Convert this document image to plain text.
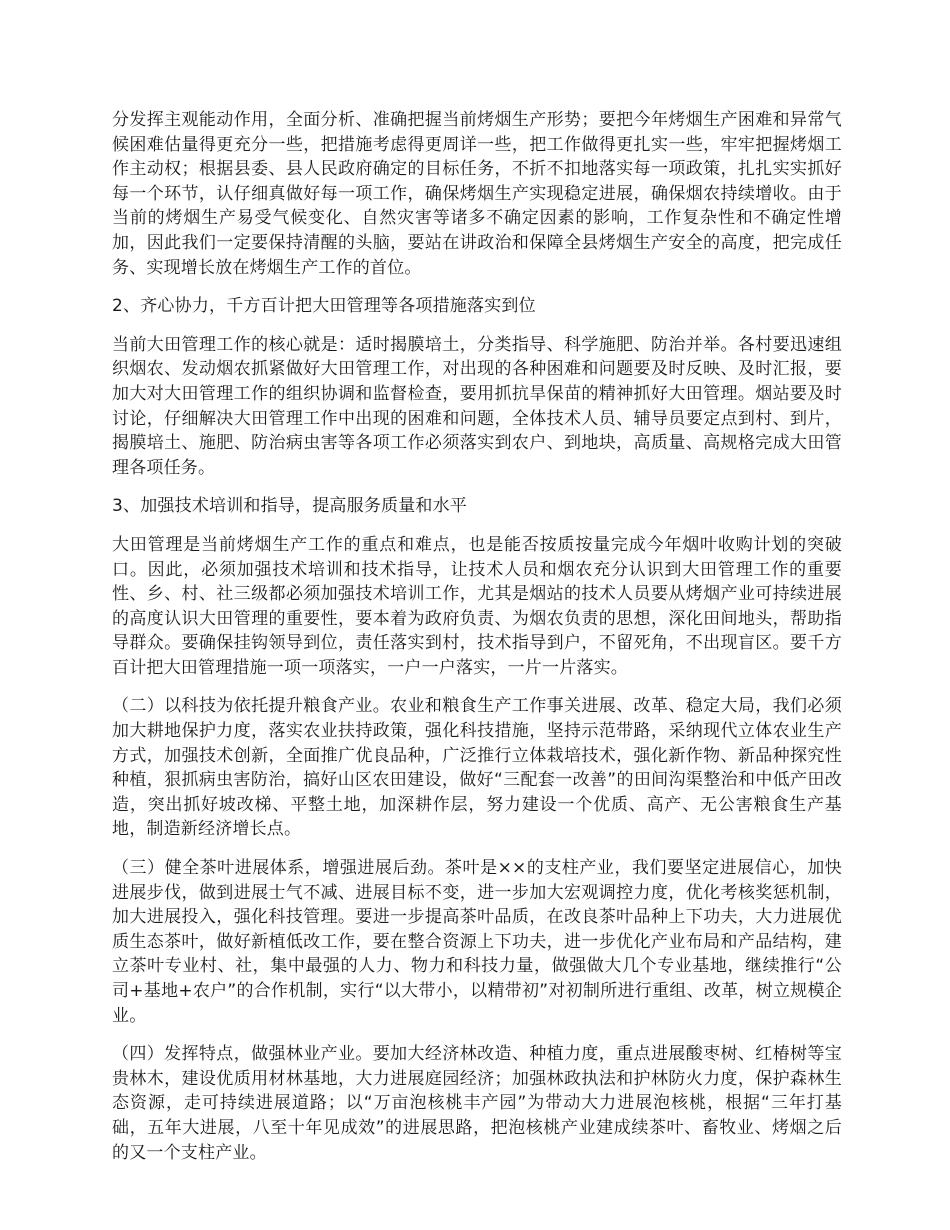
分发挥主观能动作用，全面分析、准确把握当前烤烟生产形势；要把今年烤烟生产困难和异常气候困难估量得更充分一些，把措施考虑得更周详一些，把工作做得更扎实一些，牢牢把握烤烟工作主动权；根据县委、县人民政府确定的目标任务，不折不扣地落实每一项政策，扎扎实实抓好每一个环节，认仔细真做好每一项工作，确保烤烟生产实现稳定进展，确保烟农持续增收。由于当前的烤烟生产易受气候变化、自然灾害等诸多不确定因素的影响，工作复杂性和不确定性增加，因此我们一定要保持清醒的头脑，要站在讲政治和保障全县烤烟生产安全的高度，把完成任务、实现增长放在烤烟生产工作的首位。

2、齐心协力，千方百计把大田管理等各项措施落实到位

当前大田管理工作的核心就是：适时揭膜培土，分类指导、科学施肥、防治并举。各村要迅速组织烟农、发动烟农抓紧做好大田管理工作，对出现的各种困难和问题要及时反映、及时汇报，要加大对大田管理工作的组织协调和监督检查，要用抓抗旱保苗的精神抓好大田管理。烟站要及时讨论，仔细解决大田管理工作中出现的困难和问题，全体技术人员、辅导员要定点到村、到片，揭膜培土、施肥、防治病虫害等各项工作必须落实到农户、到地块，高质量、高规格完成大田管理各项任务。

3、加强技术培训和指导，提高服务质量和水平

大田管理是当前烤烟生产工作的重点和难点，也是能否按质按量完成今年烟叶收购计划的突破口。因此，必须加强技术培训和技术指导，让技术人员和烟农充分认识到大田管理工作的重要性、乡、村、社三级都必须加强技术培训工作，尤其是烟站的技术人员要从烤烟产业可持续进展的高度认识大田管理的重要性，要本着为政府负责、为烟农负责的思想，深化田间地头，帮助指导群众。要确保挂钩领导到位，责任落实到村，技术指导到户，不留死角，不出现盲区。要千方百计把大田管理措施一项一项落实，一户一户落实，一片一片落实。

（二）以科技为依托提升粮食产业。农业和粮食生产工作事关进展、改革、稳定大局，我们必须加大耕地保护力度，落实农业扶持政策，强化科技措施，坚持示范带路，采纳现代立体农业生产方式，加强技术创新，全面推广优良品种，广泛推行立体栽培技术，强化新作物、新品种探究性种植，狠抓病虫害防治，搞好山区农田建设，做好“三配套一改善”的田间沟渠整治和中低产田改造，突出抓好坡改梯、平整土地，加深耕作层，努力建设一个优质、高产、无公害粮食生产基地，制造新经济增长点。

（三）健全茶叶进展体系，增强进展后劲。茶叶是××的支柱产业，我们要坚定进展信心，加快进展步伐，做到进展士气不减、进展目标不变，进一步加大宏观调控力度，优化考核奖惩机制，加大进展投入，强化科技管理。要进一步提高茶叶品质，在改良茶叶品种上下功夫，大力进展优质生态茶叶，做好新植低改工作，要在整合资源上下功夫，进一步优化产业布局和产品结构，建立茶叶专业村、社，集中最强的人力、物力和科技力量，做强做大几个专业基地，继续推行“公司+基地+农户”的合作机制，实行“以大带小，以精带初”对初制所进行重组、改革，树立规模企业。

（四）发挥特点，做强林业产业。要加大经济林改造、种植力度，重点进展酸枣树、红椿树等宝贵林木，建设优质用材林基地，大力进展庭园经济；加强林政执法和护林防火力度，保护森林生态资源，走可持续进展道路；以“万亩泡核桃丰产园”为带动大力进展泡核桃，根据“三年打基础，五年大进展，八至十年见成效”的进展思路，把泡核桃产业建成续茶叶、畜牧业、烤烟之后的又一个支柱产业。
